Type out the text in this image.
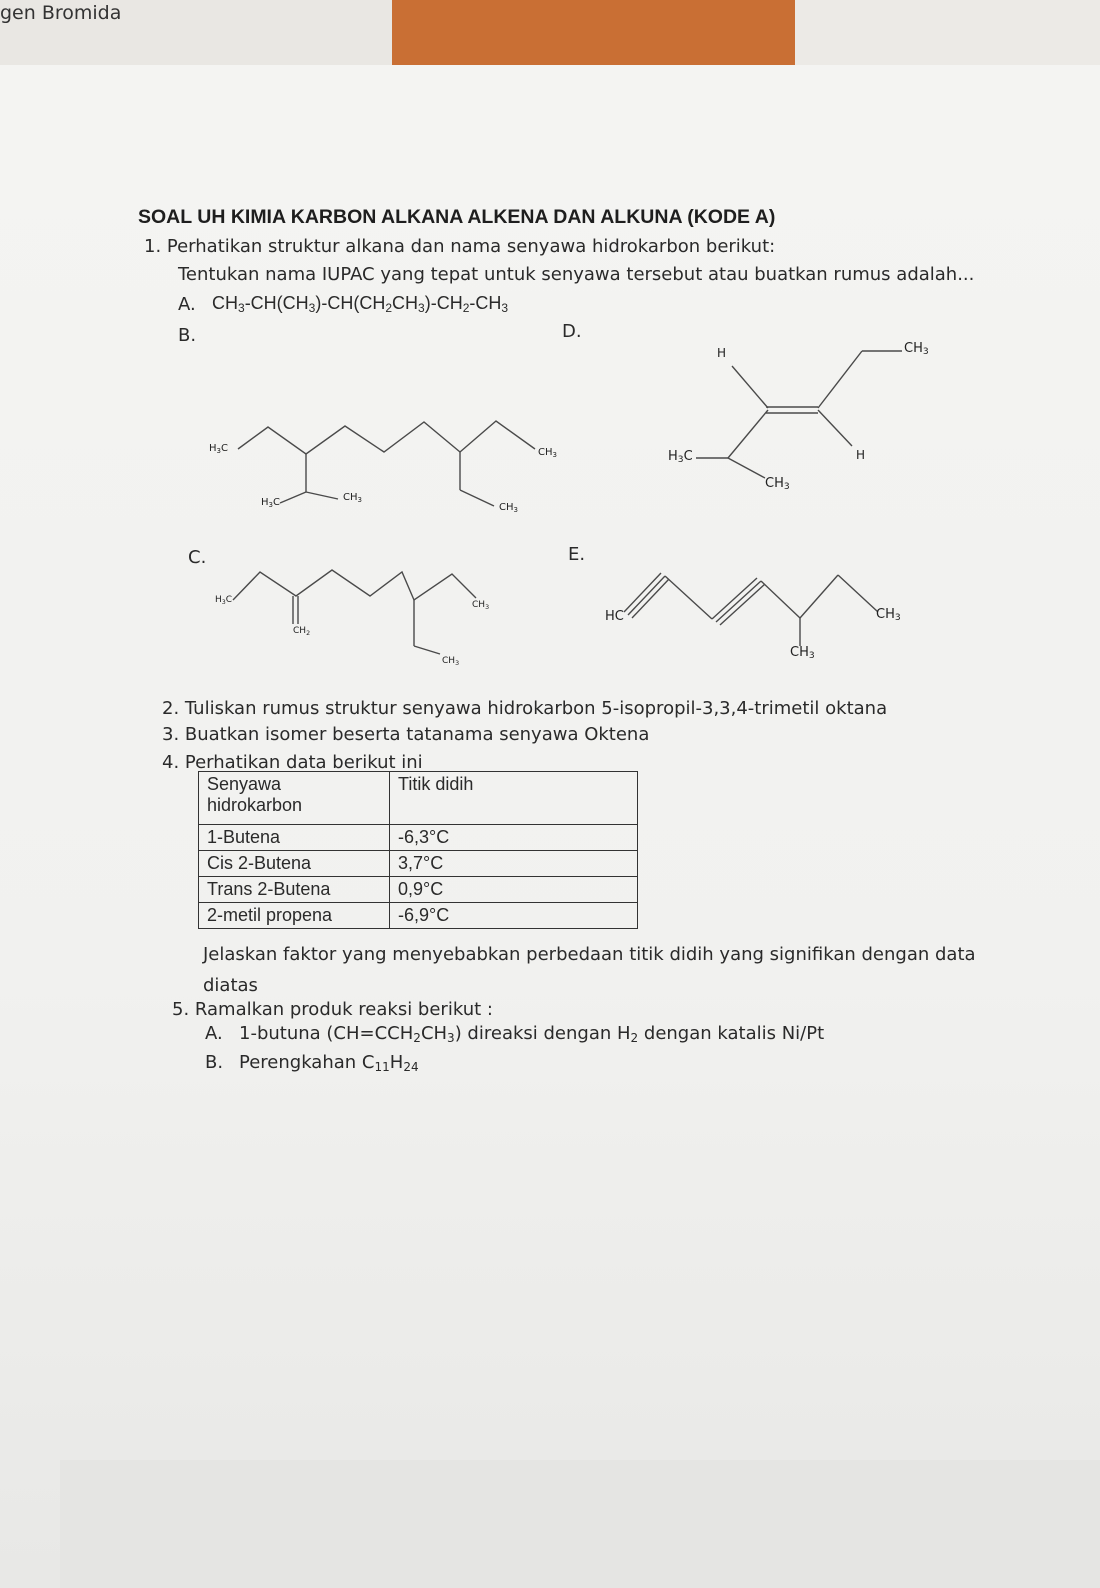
gen Bromida
SOAL UH KIMIA KARBON ALKANA ALKENA DAN ALKUNA (KODE A)
1. Perhatikan struktur alkana dan nama senyawa hidrokarbon berikut:
Tentukan nama IUPAC yang tepat untuk senyawa tersebut atau buatkan rumus adalah...
A. $CH_3-CH(CH_3)-CH(CH_2CH_3)-CH_2-CH_3$
B.	D.
$H_3C$
$H_3C$	$CH_3$
$CH_3$
$CH_3$
H	$CH_3$
$H_3C$	H
$CH_3$
C.	E.
$H_3C$
$CH_2$
$CH_3$
$CH_3$
HC	$CH_3$
$CH_3$
2. Tuliskan rumus struktur senyawa hidrokarbon 5-isopropil-3,3,4-trimetil oktana
3. Buatkan isomer beserta tatanama senyawa Oktena
4. Perhatikan data berikut ini
Senyawa hidrokarbon	Titik didih
1-Butena	-6,3°C
Cis 2-Butena	3,7°C
Trans 2-Butena	0,9°C
2-metil propena	-6,9°C
Jelaskan faktor yang menyebabkan perbedaan titik didih yang signifikan dengan data
diatas
5. Ramalkan produk reaksi berikut :
A. 1-butuna $(CH=CCH_2CH_3)$ direaksi dengan $H_2$ dengan katalis Ni/Pt
B. Perengkahan $C_{11}H_{24}$
